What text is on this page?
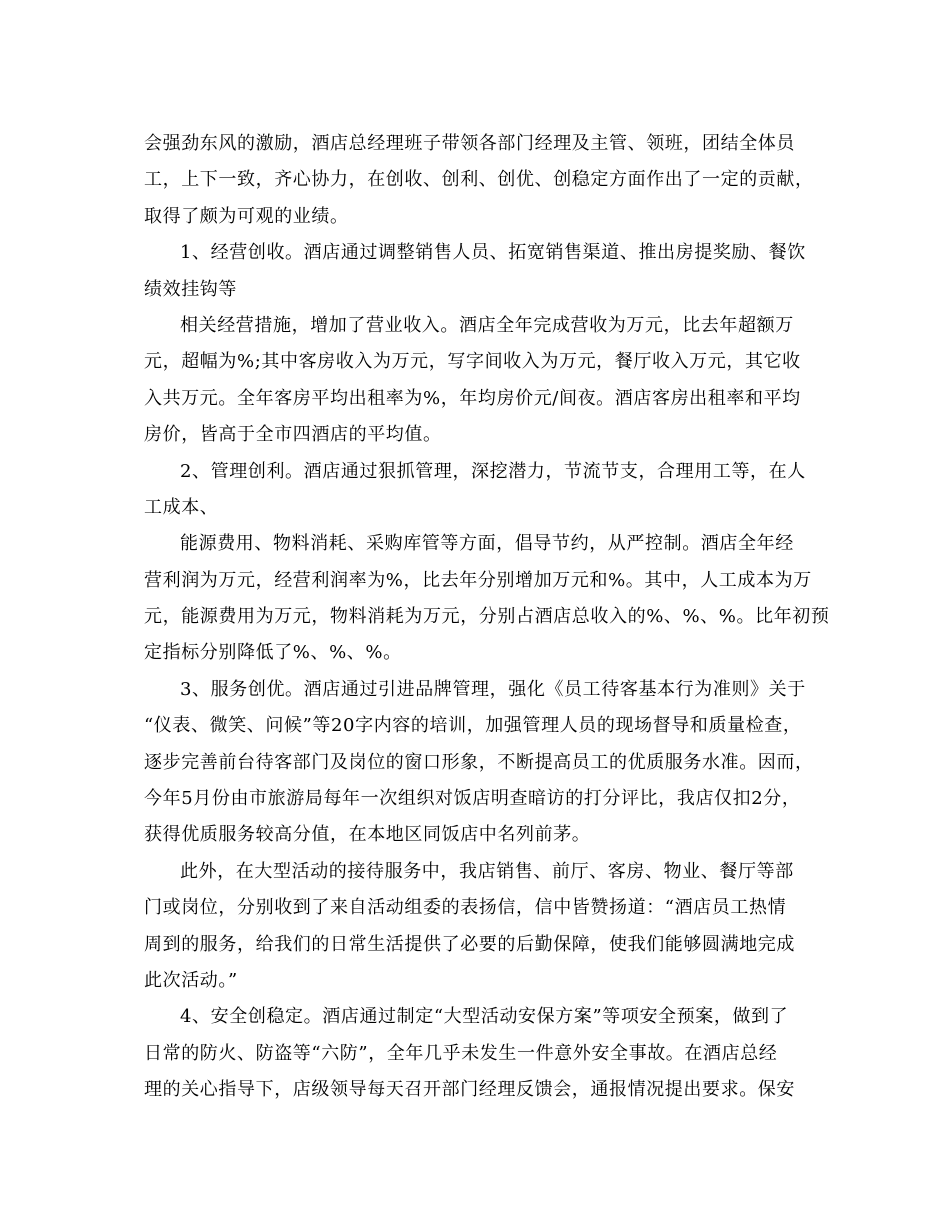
会强劲东风的激励，酒店总经理班子带领各部门经理及主管、领班，团结全体员
工，上下一致，齐心协力，在创收、创利、创优、创稳定方面作出了一定的贡献，
取得了颇为可观的业绩。
1、经营创收。酒店通过调整销售人员、拓宽销售渠道、推出房提奖励、餐饮
绩效挂钩等
相关经营措施，增加了营业收入。酒店全年完成营收为万元，比去年超额万
元，超幅为%;其中客房收入为万元，写字间收入为万元，餐厅收入万元，其它收
入共万元。全年客房平均出租率为%，年均房价元/间夜。酒店客房出租率和平均
房价，皆高于全市四酒店的平均值。
2、管理创利。酒店通过狠抓管理，深挖潜力，节流节支，合理用工等，在人
工成本、
能源费用、物料消耗、采购库管等方面，倡导节约，从严控制。酒店全年经
营利润为万元，经营利润率为%，比去年分别增加万元和%。其中，人工成本为万
元，能源费用为万元，物料消耗为万元，分别占酒店总收入的%、%、%。比年初预
定指标分别降低了%、%、%。
3、服务创优。酒店通过引进品牌管理，强化《员工待客基本行为准则》关于
“仪表、微笑、问候”等20字内容的培训，加强管理人员的现场督导和质量检查，
逐步完善前台待客部门及岗位的窗口形象，不断提高员工的优质服务水准。因而，
今年5月份由市旅游局每年一次组织对饭店明查暗访的打分评比，我店仅扣2分，
获得优质服务较高分值，在本地区同饭店中名列前茅。
此外，在大型活动的接待服务中，我店销售、前厅、客房、物业、餐厅等部
门或岗位，分别收到了来自活动组委的表扬信，信中皆赞扬道：“酒店员工热情
周到的服务，给我们的日常生活提供了必要的后勤保障，使我们能够圆满地完成
此次活动。”
4、安全创稳定。酒店通过制定“大型活动安保方案”等项安全预案，做到了
日常的防火、防盗等“六防”，全年几乎未发生一件意外安全事故。在酒店总经
理的关心指导下，店级领导每天召开部门经理反馈会，通报情况提出要求。保安
